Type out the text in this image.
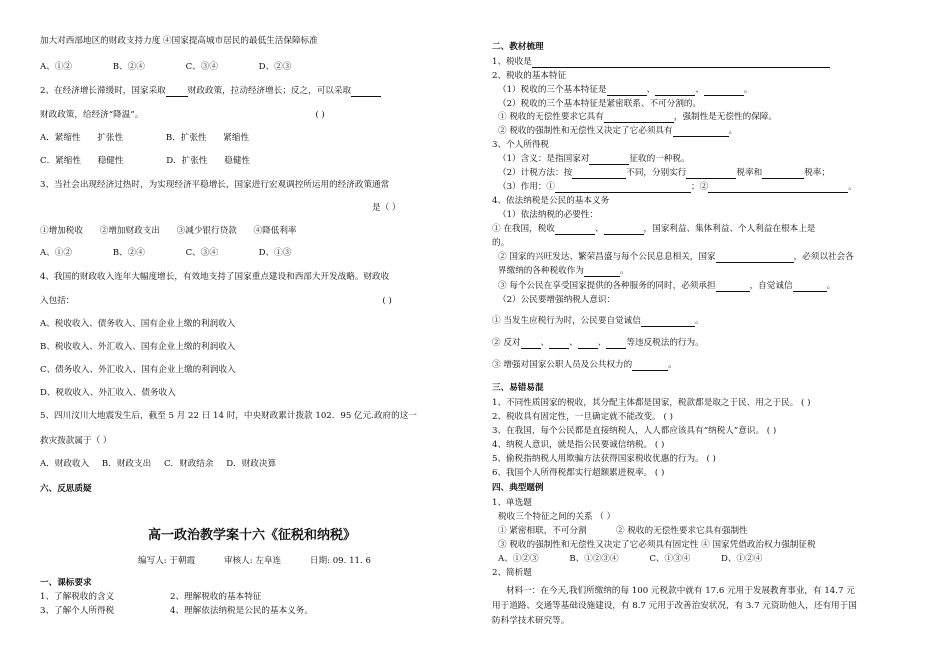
加大对西部地区的财政支持力度 ④国家提高城市居民的最低生活保障标准
A、①②	B、②④	C、③④	D、②③
2、在经济增长滞缓时，国家采取	财政政策，拉动经济增长；反之，可以采取
财政政策，给经济“降温”。	( )
A．紧缩性 扩张性	B．扩张性 紧缩性
C．紧缩性 稳健性	D．扩张性 稳健性
3、当社会出现经济过热时，为实现经济平稳增长，国家进行宏观调控所运用的经济政策通常
是（ ）
①增加税收 ②增加财政支出 ③减少银行贷款 ④降低利率
A、①②	B、②④	C、③④	D、①③
4、我国的财政收入连年大幅度增长，有效地支持了国家重点建设和西部大开发战略。财政收
入包括：	( )
A、税收收入、债务收入、国有企业上缴的利润收入
B、税收收入、外汇收入、国有企业上缴的利润收入
C、债务收入、外汇收入、国有企业上缴的利润收入
D、税收收入、外汇收入、债务收入
5、四川汶川大地震发生后，截至 5 月 22 日 14 时，中央财政累计拨款 102．95 亿元.政府的这一
救灾拨款属于（ ）
A．财政收入 B．财政支出 C．财政结余 D．财政决算
六、反思质疑
高一政治教学案十六《征税和纳税》
编写人: 于朝霞	审核人: 左阜连	日期: 09. 11. 6
一、课标要求
1、了解税收的含义	2、理解税收的基本特征
3、了解个人所得税	4、理解依法纳税是公民的基本义务。
二、教材梳理
1、税收是
2、税收的基本特征
（1）税收的三个基本特征是	、	、	。
（2）税收的三个基本特征是紧密联系、不可分割的。
① 税收的无偿性要求它具有	，强制性是无偿性的保障。
② 税收的强制性和无偿性又决定了它必须具有	。
3、个人所得税
（1）含义：是指国家对	征收的一种税。
（2）计税方法：按	不同，分别实行	税率和	税率；
（3）作用：①	；②	。
4、依法纳税是公民的基本义务
（1）依法纳税的必要性：
① 在我国，税收	、	，国家利益、集体利益、个人利益在根本上是
的。
② 国家的兴旺发达、繁荣昌盛与每个公民息息相关，国家	，必须以社会各
界缴纳的各种税收作为	。
③ 每个公民在享受国家提供的各种服务的同时，必须承担	，自觉诚信	。
（2）公民要增强纳税人意识：
① 当发生应税行为时，公民要自觉诚信	。
② 反对 、 、 、 等违反税法的行为。
③ 增强对国家公职人员及公共权力的	。
三、易错易混
1、不同性质国家的税收，其分配主体都是国家，税款都是取之于民、用之于民。 ( )
2、税收具有固定性，一旦确定就不能改变。 ( )
3、在我国，每个公民都是直接纳税人，人人都应该具有“纳税人”意识。 ( )
4、纳税人意识，就是指公民要诚信纳税。 ( )
5、偷税指纳税人用欺骗方法获得国家税收优惠的行为。 ( )
6、我国个人所得税都实行超额累进税率。 ( )
四、典型题例
1、单选题
税收三个特征之间的关系 （ ）
① 紧密相联，不可分割	② 税收的无偿性要求它具有强制性
③ 税收的强制性和无偿性又决定了它必须具有固定性 ④ 国家凭借政治权力强制征税
A、①②③	B、①②③④	C、①③④	D、①②④
2、简析题
材料一：在今天,我们所缴纳的每 100 元税款中就有 17.6 元用于发展教育事业，有 14.7 元
用于道路、交通等基础设施建设，有 8.7 元用于改善治安状况，有 3.7 元资助他人，还有用于国
防科学技术研究等。
